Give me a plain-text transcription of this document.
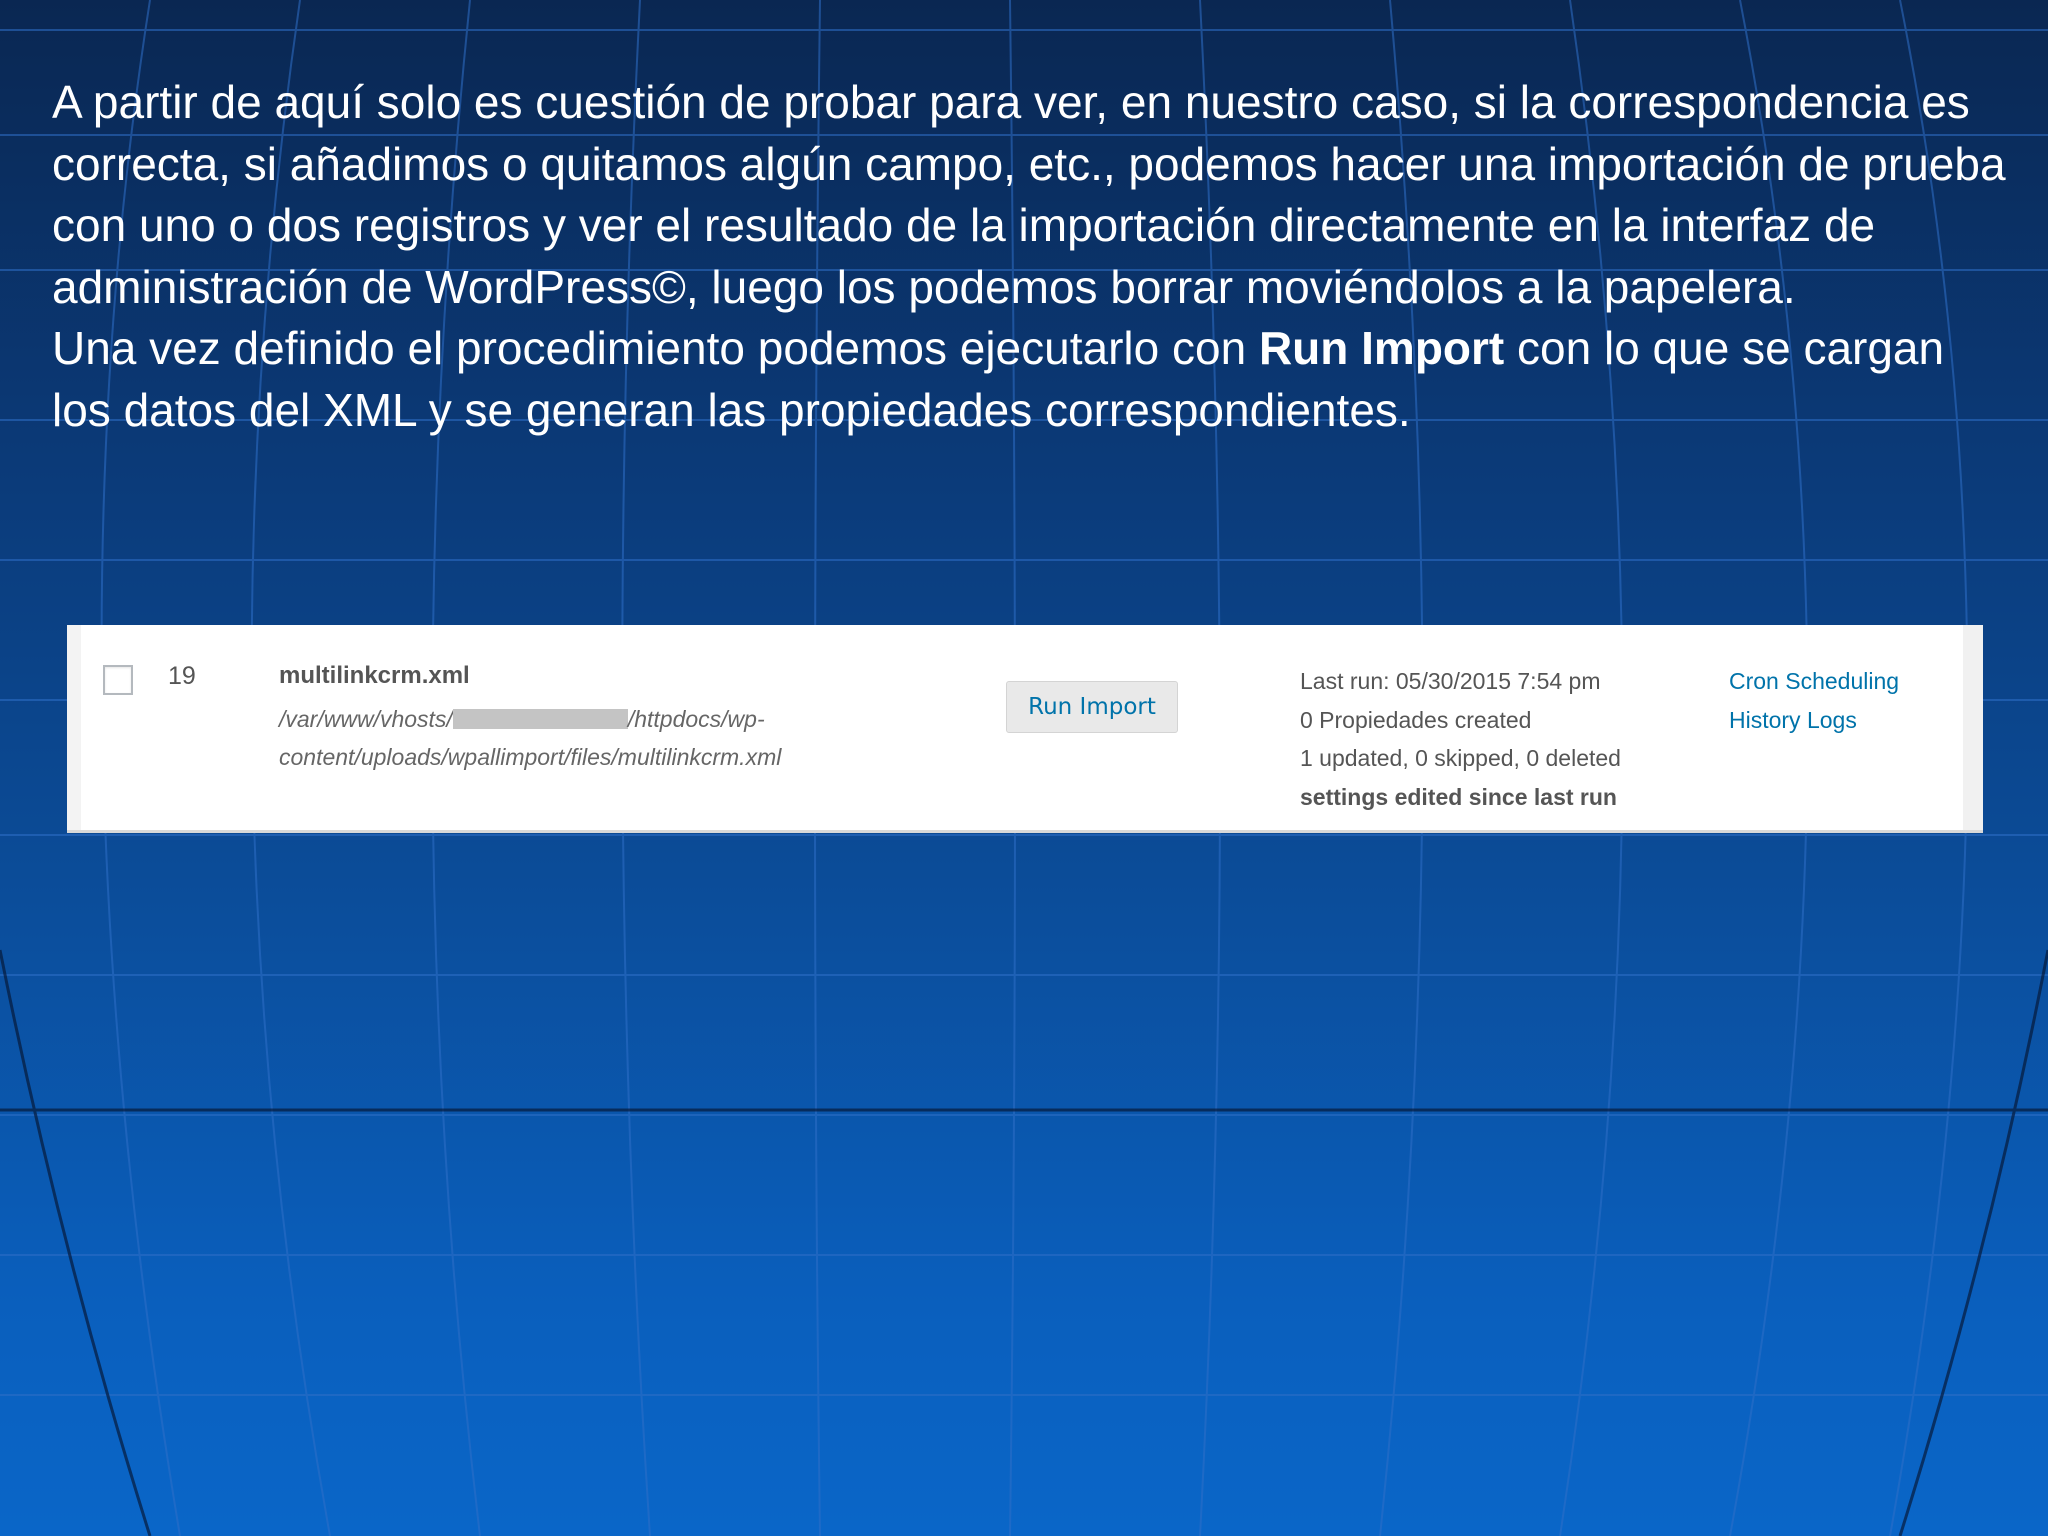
A partir de aquí solo es cuestión de probar para ver, en nuestro caso, si la correspondencia es correcta, si añadimos o quitamos algún campo, etc., podemos hacer una importación de prueba con uno o dos registros y ver el resultado de la importación directamente en la interfaz de administración de WordPress©, luego los podemos borrar moviéndolos a la papelera.

Una vez definido el procedimiento podemos ejecutarlo con Run Import con lo que se cargan los datos del XML y se generan las propiedades correspondientes.

19	multilinkcrm.xml
/var/www/vhosts/	/httpdocs/wp-content/uploads/wpallimport/files/multilinkcrm.xml
Run Import
Last run: 05/30/2015 7:54 pm
0 Propiedades created
1 updated, 0 skipped, 0 deleted
settings edited since last run
Cron Scheduling
History Logs
